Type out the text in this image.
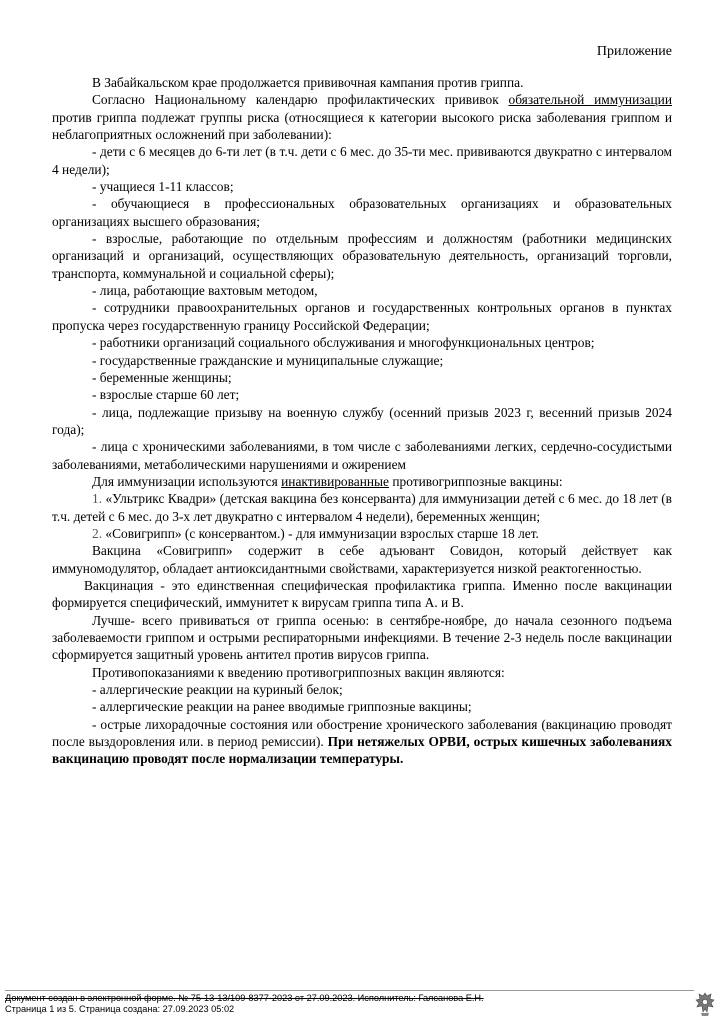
Приложение

В Забайкальском крае продолжается прививочная кампания против гриппа.

Согласно Национальному календарю профилактических прививок обязательной иммунизации против гриппа подлежат группы риска (относящиеся к категории высокого риска заболевания гриппом и неблагоприятных осложнений при заболевании):

- дети с 6 месяцев до 6-ти лет (в т.ч. дети с 6 мес. до 35-ти мес. прививаются двукратно с интервалом 4 недели);

- учащиеся 1-11 классов;

- обучающиеся в профессиональных образовательных организациях и образовательных организациях высшего образования;

- взрослые, работающие по отдельным профессиям и должностям (работники медицинских организаций и организаций, осуществляющих образовательную деятельность, организаций торговли, транспорта, коммунальной и социальной сферы);

- лица, работающие вахтовым методом,

- сотрудники правоохранительных органов и государственных контрольных органов в пунктах пропуска через государственную границу Российской Федерации;

- работники организаций социального обслуживания и многофункциональных центров;

- государственные гражданские и муниципальные служащие;

- беременные женщины;

- взрослые старше 60 лет;

- лица, подлежащие призыву на военную службу (осенний призыв 2023 г, весенний призыв 2024 года);

- лица с хроническими заболеваниями, в том числе с заболеваниями легких, сердечно-сосудистыми заболеваниями, метаболическими нарушениями и ожирением

Для иммунизации используются инактивированные противогриппозные вакцины:

1. «Ультрикс Квадри» (детская вакцина без консерванта) для иммунизации детей с 6 мес. до 18 лет (в т.ч. детей с 6 мес. до 3-х лет двукратно с интервалом 4 недели), беременных женщин;

2. «Совигрипп» (с консервантом.) - для иммунизации взрослых старше 18 лет.

Вакцина «Совигрипп» содержит в себе адъювант Совидон, который действует как иммуномодулятор, обладает антиоксидантными свойствами, характеризуется низкой реактогенностью.

Вакцинация - это единственная специфическая профилактика гриппа. Именно после вакцинации формируется специфический, иммунитет к вирусам гриппа типа А. и В.

Лучше- всего прививаться от гриппа осенью: в сентябре-ноябре, до начала сезонного подъема заболеваемости гриппом и острыми респираторными инфекциями. В течение 2-3 недель после вакцинации сформируется защитный уровень антител против вирусов гриппа.

Противопоказаниями к введению противогриппозных вакцин являются:

- аллергические реакции на куриный белок;

- аллергические реакции на ранее вводимые гриппозные вакцины;

- острые лихорадочные состояния или обострение хронического заболевания (вакцинацию проводят после выздоровления или. в период ремиссии). При нетяжелых ОРВИ, острых кишечных заболеваниях вакцинацию проводят после нормализации температуры.

Документ создан в электронной форме. № 75-13-13/109-8377-2023 от 27.09.2023. Исполнитель: Галсанова Е.Н.
Страница 1 из 5. Страница создана: 27.09.2023 05:02
